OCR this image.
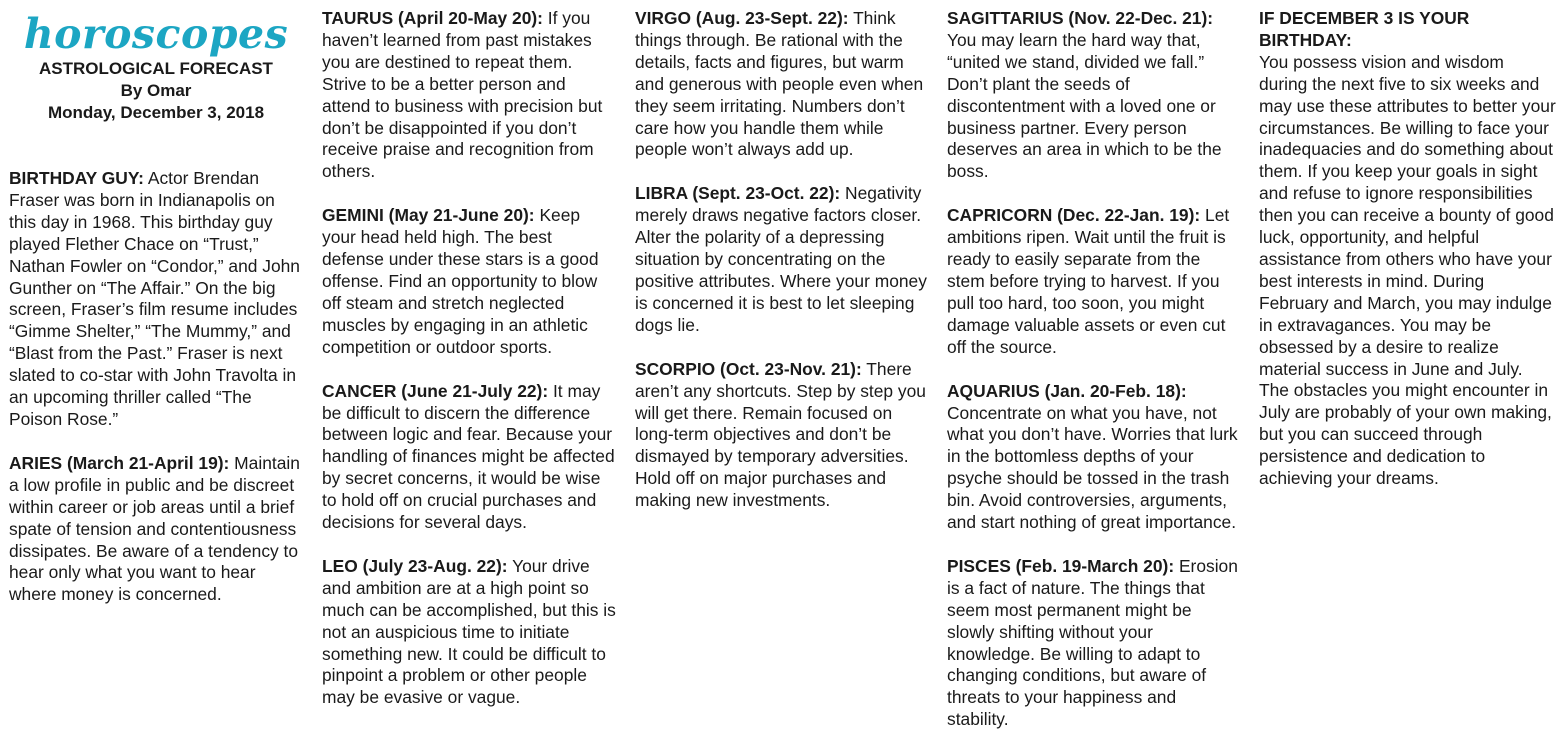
horoscopes
ASTROLOGICAL FORECAST
By Omar
Monday, December 3, 2018

BIRTHDAY GUY: Actor Brendan Fraser was born in Indianapolis on this day in 1968. This birthday guy played Flether Chace on “Trust,” Nathan Fowler on “Condor,” and John Gunther on “The Affair.” On the big screen, Fraser’s film resume includes “Gimme Shelter,” “The Mummy,” and “Blast from the Past.” Fraser is next slated to co-star with John Travolta in an upcoming thriller called “The Poison Rose.”

ARIES (March 21-April 19): Maintain a low profile in public and be discreet within career or job areas until a brief spate of tension and contentiousness dissipates. Be aware of a tendency to hear only what you want to hear where money is concerned.

TAURUS (April 20-May 20): If you haven’t learned from past mistakes you are destined to repeat them. Strive to be a better person and attend to business with precision but don’t be disappointed if you don’t receive praise and recognition from others.

GEMINI (May 21-June 20): Keep your head held high. The best defense under these stars is a good offense. Find an opportunity to blow off steam and stretch neglected muscles by engaging in an athletic competition or outdoor sports.

CANCER (June 21-July 22): It may be difficult to discern the difference between logic and fear. Because your handling of finances might be affected by secret concerns, it would be wise to hold off on crucial purchases and decisions for several days.

LEO (July 23-Aug. 22): Your drive and ambition are at a high point so much can be accomplished, but this is not an auspicious time to initiate something new. It could be difficult to pinpoint a problem or other people may be evasive or vague.

VIRGO (Aug. 23-Sept. 22): Think things through. Be rational with the details, facts and figures, but warm and generous with people even when they seem irritating. Numbers don’t care how you handle them while people won’t always add up.

LIBRA (Sept. 23-Oct. 22): Negativity merely draws negative factors closer. Alter the polarity of a depressing situation by concentrating on the positive attributes. Where your money is concerned it is best to let sleeping dogs lie.

SCORPIO (Oct. 23-Nov. 21): There aren’t any shortcuts. Step by step you will get there. Remain focused on long-term objectives and don’t be dismayed by temporary adversities. Hold off on major purchases and making new investments.

SAGITTARIUS (Nov. 22-Dec. 21): You may learn the hard way that, “united we stand, divided we fall.” Don’t plant the seeds of discontentment with a loved one or business partner. Every person deserves an area in which to be the boss.

CAPRICORN (Dec. 22-Jan. 19): Let ambitions ripen. Wait until the fruit is ready to easily separate from the stem before trying to harvest. If you pull too hard, too soon, you might damage valuable assets or even cut off the source.

AQUARIUS (Jan. 20-Feb. 18): Concentrate on what you have, not what you don’t have. Worries that lurk in the bottomless depths of your psyche should be tossed in the trash bin. Avoid controversies, arguments, and start nothing of great importance.

PISCES (Feb. 19-March 20): Erosion is a fact of nature. The things that seem most permanent might be slowly shifting without your knowledge. Be willing to adapt to changing conditions, but aware of threats to your happiness and stability.

IF DECEMBER 3 IS YOUR BIRTHDAY:
You possess vision and wisdom during the next five to six weeks and may use these attributes to better your circumstances. Be willing to face your inadequacies and do something about them. If you keep your goals in sight and refuse to ignore responsibilities then you can receive a bounty of good luck, opportunity, and helpful assistance from others who have your best interests in mind. During February and March, you may indulge in extravagances. You may be obsessed by a desire to realize material success in June and July. The obstacles you might encounter in July are probably of your own making, but you can succeed through persistence and dedication to achieving your dreams.
